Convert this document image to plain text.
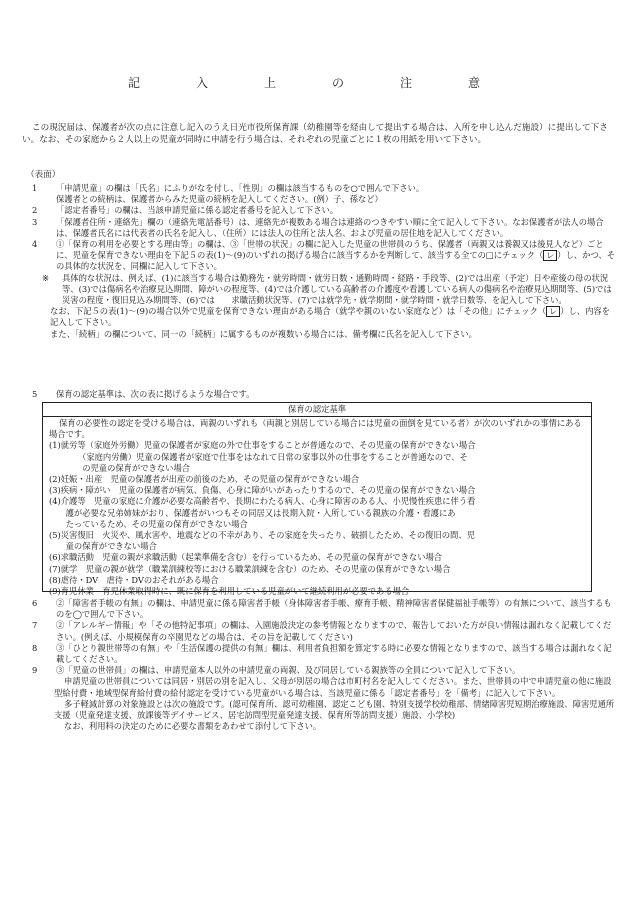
記　入　上　の　注　意
この現況届は、保護者が次の点に注意し記入のうえ日光市役所保育課（幼稚園等を経由して提出する場合は、入所を申し込んだ施設）に提出して下さい。なお、その家庭から２人以上の児童が同時に申請を行う場合は、それぞれの児童ごとに１枚の用紙を用いて下さい。
（表面）
1	「申請児童」の欄は「氏名」にふりがなを付し、「性別」の欄は該当するものを○で囲んで下さい。
保護者との続柄は、保護者からみた児童の続柄を記入してください。(例）子、孫など）
2	「認定者番号」の欄は、当該申請児童に係る認定者番号を記入して下さい。
3	「保護者住所・連絡先」欄の（連絡先電話番号）は、連絡先が複数ある場合は連絡のつきやすい順に全て記入して下さい。なお保護者が法人の場合は、保護者氏名には代表者の氏名を記入し、（住所）には法人の住所と法人名、および児童の居住地を記入してください。
4	①「保育の利用を必要とする理由等」の欄は、③「世帯の状況」の欄に記入した児童の世帯員のうち、保護者（両親又は養親又は後見人など）ごとに、児童を保育できない理由を下記５の表(1)～(9)のいずれの掲げる場合に該当するかを判断して、該当する全ての□にチェック（ レ ）し、かつ、その具体的な状況を、同欄に記入して下さい。
※	具体的な状況は、例えば、(1)に該当する場合は勤務先・就労時間・就労日数・通勤時間・経路・手段等、(2)では出産（予定）日や産後の母の状況等、(3)では傷病名や治療見込期間、障がいの程度等、(4)では介護している高齢者の介護度や看護している病人の傷病名や治療見込期間等、(5)では災害の程度・復旧見込み期間等、(6)では　　求職活動状況等、(7)では就学先・就学期間・就学時間・就学日数等、を記入して下さい。
なお、下記５の表(1)～(9)の場合以外で児童を保育できない理由がある場合（就学や親のいない家庭など）は「その他」にチェック（ レ ）し、内容を記入して下さい。
また、「続柄」の欄について、同一の「続柄」に属するものが複数いる場合には、備考欄に氏名を記入して下さい。
5	保育の認定基準は、次の表に掲げるような場合です。
保育の認定基準
保育の必要性の認定を受ける場合は、両親のいずれも（両親と別居している場合には児童の面倒を見ている者）が次のいずれかの事情にある場合です。
(1)就労等（家庭外労働）児童の保護者が家庭の外で仕事をすることが普通なので、その児童の保育ができない場合
　　　　（家庭内労働）児童の保護者が家庭で仕事をはなれて日常の家事以外の仕事をすることが普通なので、そ
　　　　の児童の保育ができない場合
(2)妊娠・出産　児童の保護者が出産の前後のため、その児童の保育ができない場合
(3)疾病・障がい　児童の保護者が病気、負傷、心身に障がいがあったりするので、その児童の保育ができない場合
(4)介護等　児童の家庭に介護が必要な高齢者や、長期にわたる病人、心身に障害のある人、小児慢性疾患に伴う看
　　護が必要な兄弟姉妹がおり、保護者がいつもその同居又は長期入院・入所している親族の介護・看護にあ
　　たっているため、その児童の保育ができない場合
(5)災害復旧　火災や、風水害や、地震などの不幸があり、その家庭を失ったり、破損したため、その復旧の間、児
　　童の保育ができない場合
(6)求職活動　児童の親が求職活動（起業準備を含む）を行っているため、その児童の保育ができない場合
(7)就学　児童の親が就学（職業訓練校等における職業訓練を含む）のため、その児童の保育ができない場合
(8)虐待・DV　虐待・DVのおそれがある場合
(9)育児休業　育児休業取得時に、既に保育を利用している児童がいて継続利用が必要である場合
6	②「障害者手帳の有無」の欄は、申請児童に係る障害者手帳（身体障害者手帳、療育手帳、精神障害者保健福祉手帳等）の有無について、該当するものを◯で囲んで下さい。
7	②「アレルギー情報」や「その他特記事項」の欄は、入園施設決定の参考情報となりますので、報告しておいた方が良い情報は漏れなく記載してください。(例えば、小規模保育の卒園児などの場合は、その旨を記載してください)
8	③「ひとり親世帯等の有無」や「生活保護の提供の有無」欄は、利用者負担額を算定する時に必要な情報となりますので、該当する場合は漏れなく記載してください。
9	③「児童の世帯員」の欄は、申請児童本人以外の申請児童の両親、及び同居している親族等の全員について記入して下さい。
申請児童の世帯員については同居・別居の別を記入し、父母が別居の場合は市町村名を記入してください。また、世帯員の中で申請児童の他に施設型給付費・地域型保育給付費の給付認定を受けている児童がいる場合は、当該児童に係る「認定者番号」を「備考」に記入して下さい。
多子軽減計算の対象施設とは次の施設です。(認可保育所、認可幼稚園、認定こども園、特別支援学校幼稚部、情緒障害児短期治療施設、障害児通所支援（児童発達支援、放課後等デイサービス、居宅訪問型児童発達支援、保育所等訪問支援）施設、小学校)
なお、利用料の決定のために必要な書類をあわせて添付して下さい。
